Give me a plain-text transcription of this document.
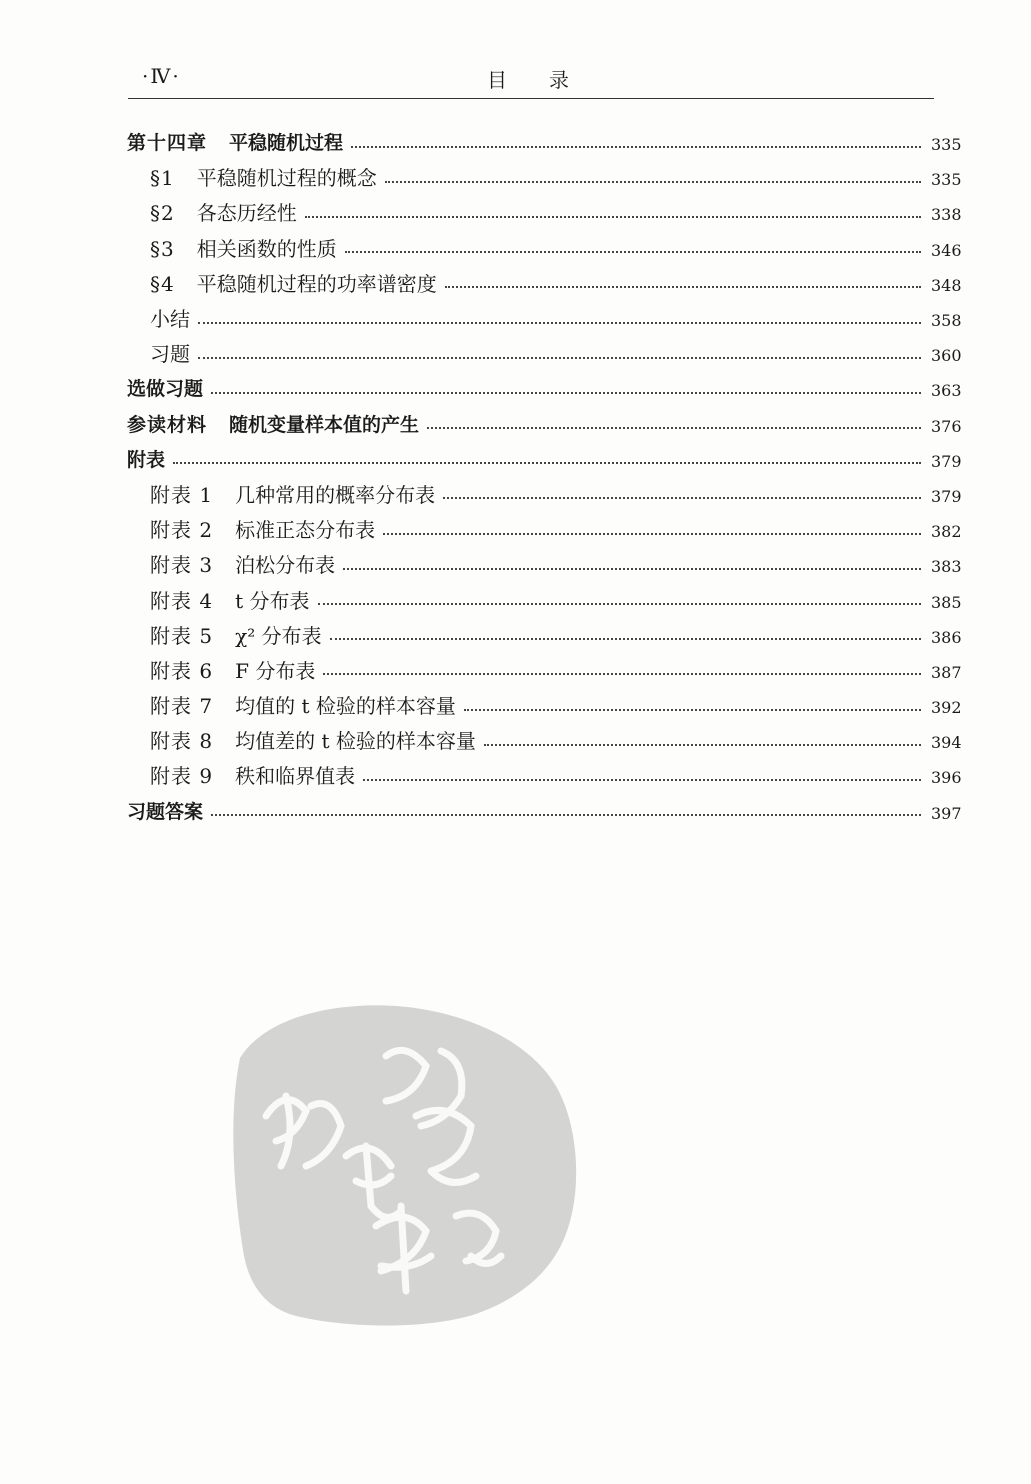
·Ⅳ·	目录
第十四章 平稳随机过程	335
§1 平稳随机过程的概念	335
§2 各态历经性	338
§3 相关函数的性质	346
§4 平稳随机过程的功率谱密度	348
小结	358
习题	360
选做习题	363
参读材料 随机变量样本值的产生	376
附表	379
附表 1 几种常用的概率分布表	379
附表 2 标准正态分布表	382
附表 3 泊松分布表	383
附表 4 t 分布表	385
附表 5 χ² 分布表	386
附表 6 F 分布表	387
附表 7 均值的 t 检验的样本容量	392
附表 8 均值差的 t 检验的样本容量	394
附表 9 秩和临界值表	396
习题答案	397
